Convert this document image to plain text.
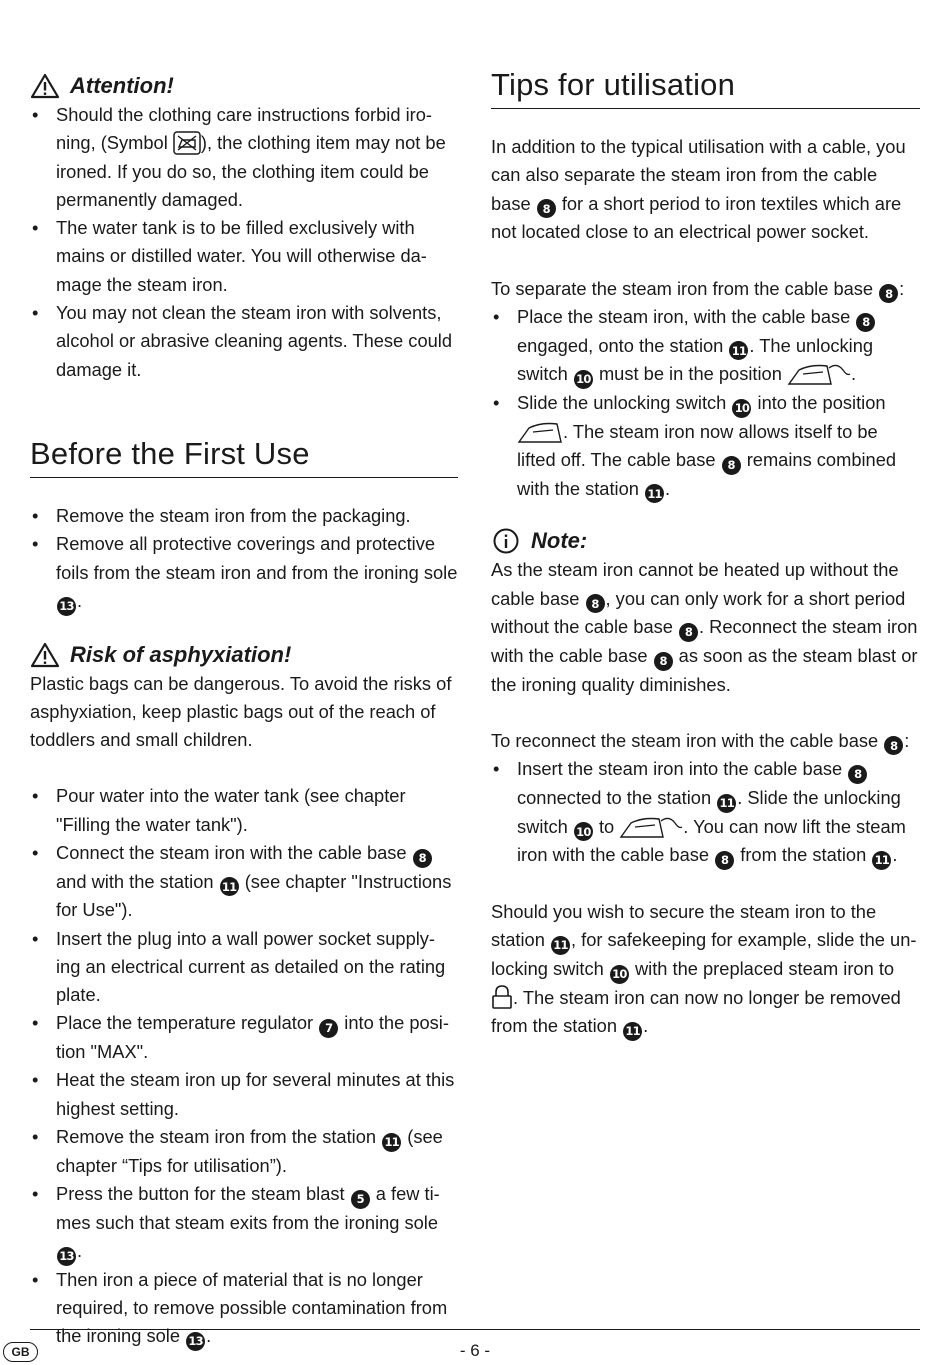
Attention!
• Should the clothing care instructions forbid iro- ning, (Symbol ), the clothing item may not be ironed. If you do so, the clothing item could be permanently damaged.
• The water tank is to be filled exclusively with mains or distilled water. You will otherwise da-mage the steam iron.
• You may not clean the steam iron with solvents, alcohol or abrasive cleaning agents. These could damage it.
Before the First Use
• Remove the steam iron from the packaging.
• Remove all protective coverings and protective foils from the steam iron and from the ironing sole 13 .
Risk of asphyxiation!

Plastic bags can be dangerous. To avoid the risks of asphyxiation, keep plastic bags out of the reach of toddlers and small children.

• Pour water into the water tank (see chapter "Filling the water tank").
• Connect the steam iron with the cable base 8 and with the station 11 (see chapter "Instructions for Use").
• Insert the plug into a wall power socket supply-ing an electrical current as detailed on the rating plate.
• Place the temperature regulator 7 into the posi-tion "MAX".
• Heat the steam iron up for several minutes at this highest setting.
• Remove the steam iron from the station 11 (see chapter “Tips for utilisation”).
• Press the button for the steam blast 5 a few ti-mes such that steam exits from the ironing sole 13 .
• Then iron a piece of material that is no longer required, to remove possible contamination from the ironing sole 13 .
Tips for utilisation

In addition to the typical utilisation with a cable, you can also separate the steam iron from the cable base 8 for a short period to iron textiles which are not located close to an electrical power socket.

To separate the steam iron from the cable base 8 :

• Place the steam iron, with the cable base 8 engaged, onto the station 11 . The unlocking switch 10 must be in the position	.
• Slide the unlocking switch 10 into the position . The steam iron now allows itself to be lifted off. The cable base 8 remains combined with the station 11 .
Note:

As the steam iron cannot be heated up without the cable base 8 , you can only work for a short period without the cable base 8 . Reconnect the steam iron with the cable base 8 as soon as the steam blast or the ironing quality diminishes.

To reconnect the steam iron with the cable base 8 :

• Insert the steam iron into the cable base 8 connected to the station 11 . Slide the unlocking switch 10 to	. You can now lift the steam iron with the cable base 8 from the station 11 .

Should you wish to secure the steam iron to the station 11 , for safekeeping for example, slide the un-locking switch 10 with the preplaced steam iron to . The steam iron can now no longer be removed from the station 11 .

GB	- 6 -
